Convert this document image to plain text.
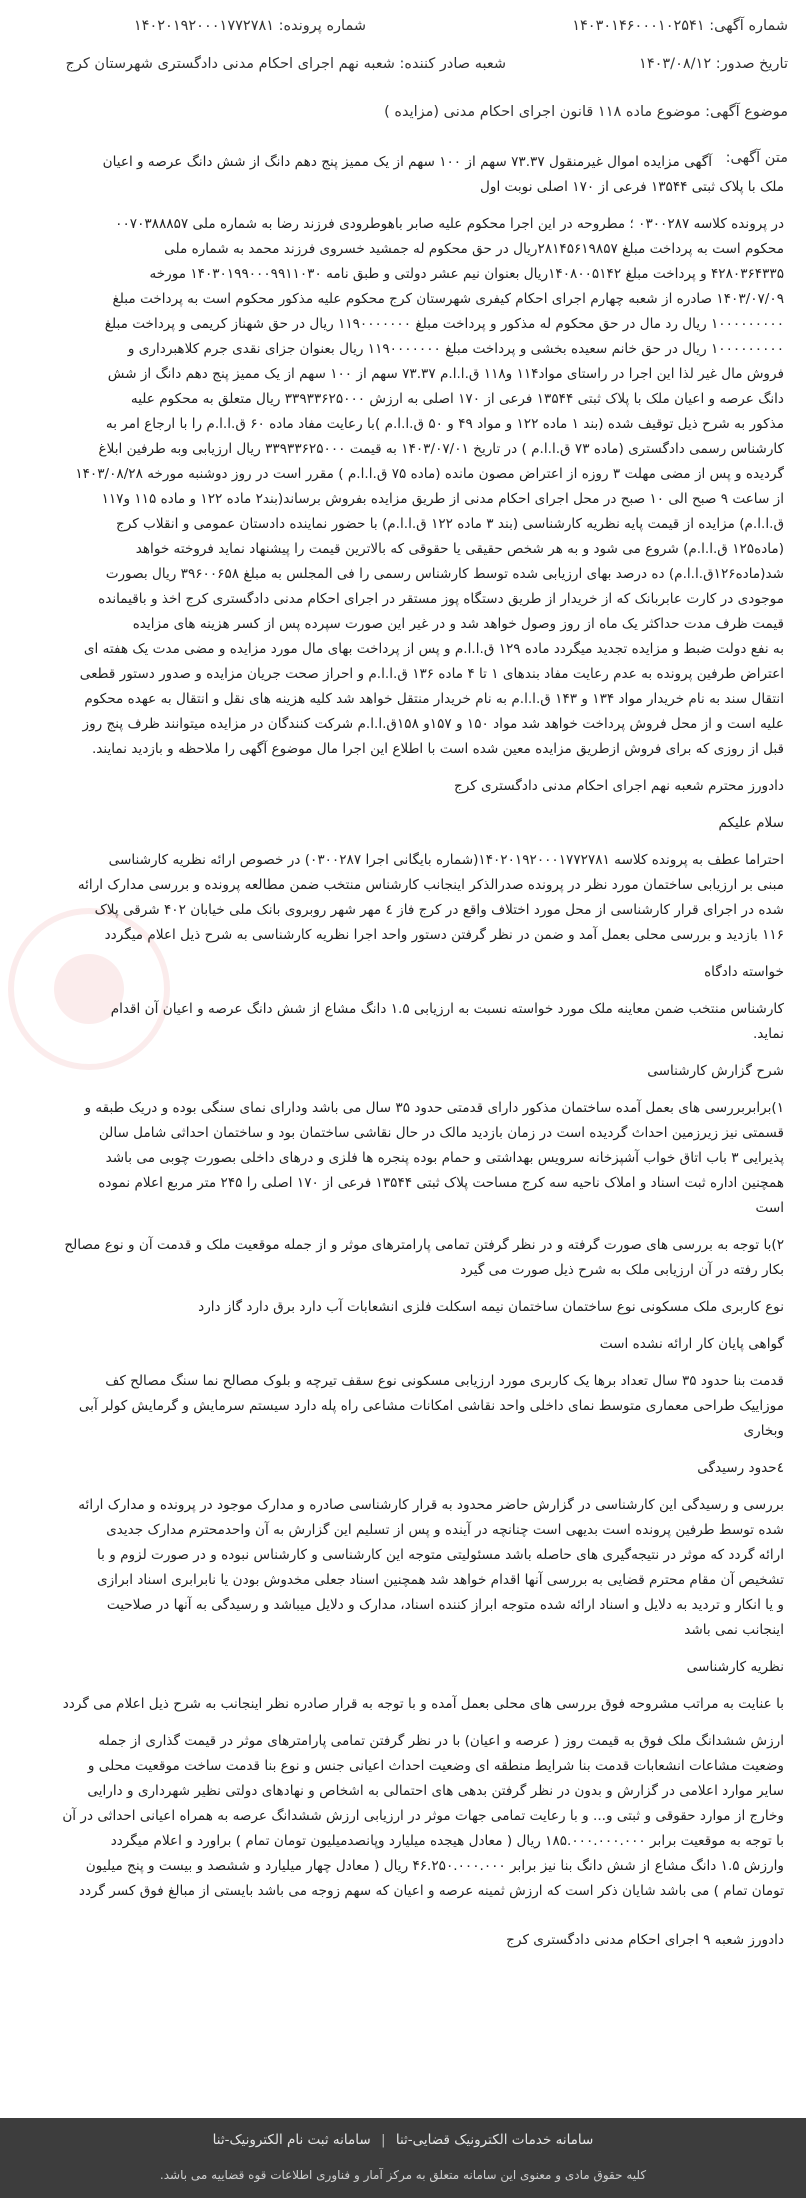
شماره آگهی: ۱۴۰۳۰۱۴۶۰۰۰۱۰۲۵۴۱
شماره پرونده: ۱۴۰۲۰۱۹۲۰۰۰۱۷۷۲۷۸۱
تاریخ صدور: ۱۴۰۳/۰۸/۱۲
شعبه صادر کننده: شعبه نهم اجرای احکام مدنی دادگستری شهرستان کرج
موضوع آگهی: موضوع ماده ۱۱۸ قانون اجرای احکام مدنی (مزایده )
متن آگهی:
آگهی مزایده اموال غیرمنقول ۷۳.۳۷ سهم از ۱۰۰ سهم از یک ممیز پنج دهم دانگ از شش دانگ عرصه و اعیان
ملک با پلاک ثبتی ۱۳۵۴۴ فرعی از ۱۷۰ اصلی نوبت اول
در پرونده کلاسه ۰۳۰۰۲۸۷ ؛ مطروحه در این اجرا محکوم علیه صابر باهوطرودی فرزند رضا به شماره ملی ۰۰۷۰۳۸۸۸۵۷
محکوم است به پرداخت مبلغ ۲۸۱۴۵۶۱۹۸۵۷ریال در حق محکوم له جمشید خسروی فرزند محمد به شماره ملی
۴۲۸۰۳۶۴۳۳۵ و پرداخت مبلغ ۱۴۰۸۰۰۵۱۴۲ریال بعنوان نیم عشر دولتی و طبق نامه ۱۴۰۳۰۱۹۹۰۰۰۹۹۱۱۰۳۰ مورخه
۱۴۰۳/۰۷/۰۹ صادره از شعبه چهارم اجرای احکام کیفری شهرستان کرج محکوم علیه مذکور محکوم است به پرداخت مبلغ
۱۰۰۰۰۰۰۰۰۰ ریال رد مال در حق محکوم له مذکور و پرداخت مبلغ ۱۱۹۰۰۰۰۰۰۰ ریال در حق شهناز کریمی و پرداخت مبلغ
۱۰۰۰۰۰۰۰۰۰ ریال در حق خانم سعیده بخشی و پرداخت مبلغ ۱۱۹۰۰۰۰۰۰۰ ریال بعنوان جزای نقدی جرم کلاهبرداری و
فروش مال غیر لذا این اجرا در راستای مواد۱۱۴ و۱۱۸ ق.ا.ا.م ۷۳.۳۷ سهم از ۱۰۰ سهم از یک ممیز پنج دهم دانگ از شش
دانگ عرصه و اعیان ملک با پلاک ثبتی ۱۳۵۴۴ فرعی از ۱۷۰ اصلی به ارزش ۳۳۹۳۳۶۲۵۰۰۰ ریال متعلق به محکوم علیه
مذکور به شرح ذیل توقیف شده (بند ۱ ماده ۱۲۲ و مواد ۴۹ و ۵۰ ق.ا.ا.م )با رعایت مفاد ماده ۶۰ ق.ا.ا.م را با ارجاع امر به
کارشناس رسمی دادگستری (ماده ۷۳ ق.ا.ا.م ) در تاریخ ۱۴۰۳/۰۷/۰۱ به قیمت ۳۳۹۳۳۶۲۵۰۰۰ ریال ارزیابی وبه طرفین ابلاغ
گردیده و پس از مضی مهلت ۳ روزه از اعتراض مصون مانده (ماده ۷۵ ق.ا.ا.م ) مقرر است در روز دوشنبه مورخه ۱۴۰۳/۰۸/۲۸
از ساعت ۹ صبح الی ۱۰ صبح در محل اجرای احکام مدنی از طریق مزایده بفروش برساند(بند۲ ماده ۱۲۲ و ماده ۱۱۵ و۱۱۷
ق.ا.ا.م) مزایده از قیمت پایه نظریه کارشناسی (بند ۳ ماده ۱۲۲ ق.ا.ا.م) با حضور نماینده دادستان عمومی و انقلاب کرج
(ماده۱۲۵ ق.ا.ا.م) شروع می شود و به هر شخص حقیقی یا حقوقی که بالاترین قیمت را پیشنهاد نماید فروخته خواهد
شد(ماده۱۲۶ق.ا.ا.م) ده درصد بهای ارزیابی شده توسط کارشناس رسمی را فی المجلس به مبلغ ۳۹۶۰۰۶۵۸ ریال بصورت
موجودی در کارت عابربانک که از خریدار از طریق دستگاه پوز مستقر در اجرای احکام مدنی دادگستری کرج اخذ و باقیمانده
قیمت ظرف مدت حداکثر یک ماه از روز وصول خواهد شد و در غیر این صورت سپرده پس از کسر هزینه های مزایده
به نفع دولت ضبط و مزایده تجدید میگردد ماده ۱۲۹ ق.ا.ا.م و پس از پرداخت بهای مال مورد مزایده و مضی مدت یک هفته ای
اعتراض طرفین پرونده به عدم رعایت مفاد بندهای ۱ تا ۴ ماده ۱۳۶ ق.ا.ا.م و احراز صحت جریان مزایده و صدور دستور قطعی
انتقال سند به نام خریدار مواد ۱۳۴ و ۱۴۳ ق.ا.ا.م به نام خریدار منتقل خواهد شد کلیه هزینه های نقل و انتقال به عهده محکوم
علیه است و از محل فروش پرداخت خواهد شد مواد ۱۵۰ و ۱۵۷و ۱۵۸ق.ا.ا.م شرکت کنندگان در مزایده میتوانند ظرف پنج روز
قبل از روزی که برای فروش ازطریق مزایده معین شده است با اطلاع این اجرا مال موضوع آگهی را ملاحظه و بازدید نمایند.
دادورز محترم شعبه نهم اجرای احکام مدنی دادگستری کرج
سلام علیکم
احتراما عطف به پرونده کلاسه ۱۴۰۲۰۱۹۲۰۰۰۱۷۷۲۷۸۱(شماره بایگانی اجرا ۰۳۰۰۲۸۷) در خصوص ارائه نظریه کارشناسی
مبنی بر ارزیابی ساختمان مورد نظر در پرونده صدرالذکر اینجانب کارشناس منتخب ضمن مطالعه پرونده و بررسی مدارک ارائه
شده در اجرای قرار کارشناسی از محل مورد اختلاف واقع در کرج فاز ٤ مهر شهر روبروی بانک ملی خیابان ۴۰۲ شرقی پلاک
۱۱۶ بازدید و بررسی محلی بعمل آمد و ضمن در نظر گرفتن دستور واحد اجرا نظریه کارشناسی به شرح ذیل اعلام میگردد
خواسته دادگاه
کارشناس منتخب ضمن معاینه ملک مورد خواسته نسبت به ارزیابی ۱.۵ دانگ مشاع از شش دانگ عرصه و اعیان آن اقدام
نماید.
شرح گزارش کارشناسی
۱)برابربررسی های بعمل آمده ساختمان مذکور دارای قدمتی حدود ۳۵ سال می باشد ودارای نمای سنگی بوده و دریک طبقه و
قسمتی نیز زیرزمین احداث گردیده است در زمان بازدید مالک در حال نقاشی ساختمان بود و ساختمان احداثی شامل سالن
پذیرایی ۳ باب اتاق خواب آشپزخانه سرویس بهداشتی و حمام بوده پنجره ها فلزی و درهای داخلی بصورت چوبی می باشد
همچنین اداره ثبت اسناد و املاک ناحیه سه کرج مساحت پلاک ثبتی ۱۳۵۴۴ فرعی از ۱۷۰ اصلی را ۲۴۵ متر مربع اعلام نموده
است
۲)با توجه به بررسی های صورت گرفته و در نظر گرفتن تمامی پارامترهای موثر و از جمله موقعیت ملک و قدمت آن و نوع مصالح
بکار رفته در آن ارزیابی ملک به شرح ذیل صورت می گیرد
نوع کاربری ملک مسکونی نوع ساختمان ساختمان نیمه اسکلت فلزی انشعابات آب دارد برق دارد گاز دارد
گواهی پایان کار ارائه نشده است
قدمت بنا حدود ۳۵ سال تعداد برها یک کاربری مورد ارزیابی مسکونی نوع سقف تیرچه و بلوک مصالح نما سنگ مصالح کف
موزاییک طراحی معماری متوسط نمای داخلی واحد نقاشی امکانات مشاعی راه پله دارد سیستم سرمایش و گرمایش کولر آبی
وبخاری
٤حدود رسیدگی
بررسی و رسیدگی این کارشناسی در گزارش حاضر محدود به قرار کارشناسی صادره و مدارک موجود در پرونده و مدارک ارائه
شده توسط طرفین پرونده است بدیهی است چنانچه در آینده و پس از تسلیم این گزارش به آن واحدمحترم مدارک جدیدی
ارائه گردد که موثر در نتیجه‌گیری های حاصله باشد مسئولیتی متوجه این کارشناسی و کارشناس نبوده و در صورت لزوم و با
تشخیص آن مقام محترم قضایی به بررسی آنها اقدام خواهد شد همچنین اسناد جعلی مخدوش بودن یا نابرابری اسناد ابرازی
و یا انکار و تردید به دلایل و اسناد ارائه شده متوجه ابراز کننده اسناد، مدارک و دلایل میباشد و رسیدگی به آنها در صلاحیت
اینجانب نمی باشد
نظریه کارشناسی
با عنایت به مراتب مشروحه فوق بررسی های محلی بعمل آمده و با توجه به قرار صادره نظر اینجانب به شرح ذیل اعلام می گردد
ارزش ششدانگ ملک فوق به قیمت روز ( عرصه و اعیان) با در نظر گرفتن تمامی پارامترهای موثر در قیمت گذاری از جمله
وضعیت مشاعات انشعابات قدمت بنا شرایط منطقه ای وضعیت احداث اعیانی جنس و نوع بنا قدمت ساخت موقعیت محلی و
سایر موارد اعلامی در گزارش و بدون در نظر گرفتن بدهی های احتمالی به اشخاص و نهادهای دولتی نظیر شهرداری و دارایی
وخارج از موارد حقوقی و ثبتی و... و با رعایت تمامی جهات موثر در ارزیابی ارزش ششدانگ عرصه به همراه اعیانی احداثی در آن
با توجه به موقعیت برابر ۱۸۵.۰۰۰.۰۰۰.۰۰۰ ریال ( معادل هیجده میلیارد وپانصدمیلیون تومان تمام ) براورد و اعلام میگردد
وارزش ۱.۵ دانگ مشاع از شش دانگ بنا نیز برابر ۴۶.۲۵۰.۰۰۰.۰۰۰ ریال ( معادل چهار میلیارد و ششصد و بیست و پنج میلیون
تومان تمام ) می باشد شایان ذکر است که ارزش ثمینه عرصه و اعیان که سهم زوجه می باشد بایستی از مبالغ فوق کسر گردد
دادورز شعبه ۹ اجرای احکام مدنی دادگستری کرج
سامانه خدمات الکترونیک قضایی-ثنا | سامانه ثبت نام الکترونیک-ثنا
کلیه حقوق مادی و معنوی این سامانه متعلق به مرکز آمار و فناوری اطلاعات قوه قضاییه می باشد.
